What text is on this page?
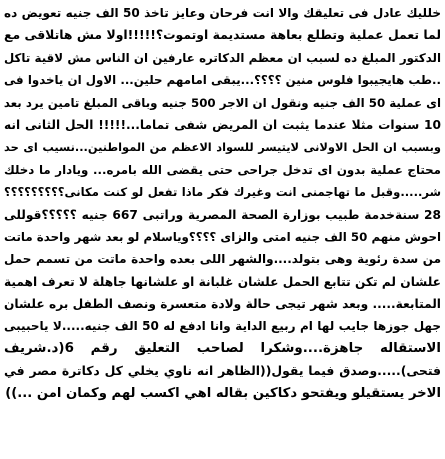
خلليك عادل فى تعليقك والا انت فرحان وعايز تاخذ 50 الف جنيه تعويض ده
لما تعمل عملية وتطلع بعاهة مستديمة اوتموت؟!!!!!اولا مش هاتلاقى مع
الدكتور المبلغ ده لسبب ان معظم الدكاتره عارفين ان الناس مش لاقية تاكل
..طب هايجيبوا فلوس منين ؟؟؟؟...يبقى امامهم حلين... الاول ان ياخدوا فى
اى عملية 50 الف جنيه ونقول ان الاجر 500 جنيه وباقى المبلغ تامين يرد بعد
10 سنوات مثلا عندما يثبت ان المريض شفى تماما...!!!!! الحل الثانى انه
وبسبب ان الحل الاولانى لايتيسر للسواد الاعظم من المواطنين...نسيب اى حد
محتاج عملية بدون اى تدخل جراحى حتى يقضى الله بامره... ويادار ما دخلك
شر.....وقبل ما تهاجمنى انت وغيرك فكر ماذا تفعل لو كنت مكانى؟؟؟؟؟؟؟؟؟
28 سنةخدمة طبيب بوزارة الصحة المصرية وراتبى 667 جنيه ؟؟؟؟؟قوللى
احوش منهم 50 الف جنيه امتى والزاى ؟؟؟؟وياسلام لو بعد شهر واحدة ماتت
من سدة رئوية وهى بتولد....والشهر اللى بعده واحدة ماتت من تسمم حمل
علشان لم تكن تتابع الحمل علشان غلبانة او علشانها جاهلة لا تعرف اهمية
المتابعة..... وبعد شهر تيجى حالة ولادة متعسرة ونصف الطفل بره علشان
جهل جوزها جايب لها ام ربيع الداية وانا ادفع له 50 الف جنيه.....لا ياحبيبى
الاستقاله جاهزة....وشكرا لصاحب التعليق رقم 6(د.شريف
فتحى).....وصدق فيما يقول((الظاهر انه ناوي يخلي كل دكاترة مصر في
الاخر يستقيلو ويفتحو دكاكين بقاله اهي اكسب لهم وكمان امن ...))
